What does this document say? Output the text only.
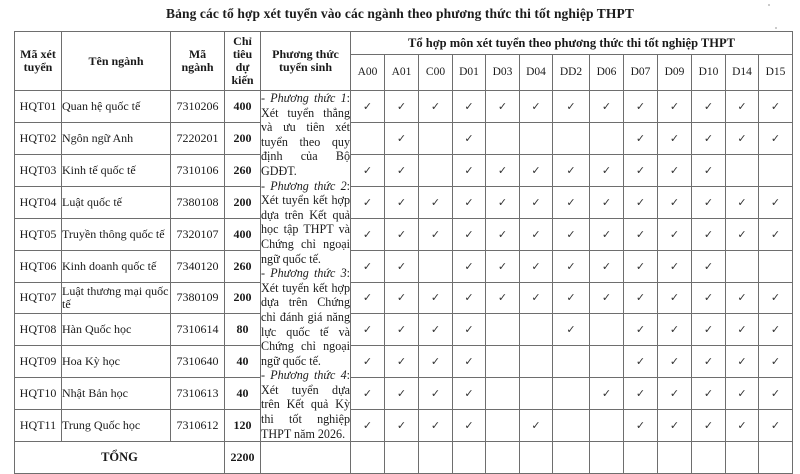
Bảng các tổ hợp xét tuyển vào các ngành theo phương thức thi tốt nghiệp THPT
Mã xét tuyển	Tên ngành	Mã ngành	Chỉ tiêu dự kiến	Phương thức tuyển sinh	Tổ hợp môn xét tuyển theo phương thức thi tốt nghiệp THPT												
					A00	A01	C00	D01	D03	D04	DD2	D06	D07	D09	D10	D14	D15
HQT01	Quan hệ quốc tế	7310206	400	- Phương thức 1: Xét tuyển thẳng và ưu tiên xét tuyển theo quy định của Bộ GDĐT.
- Phương thức 2: Xét tuyển kết hợp dựa trên Kết quả học tập THPT và Chứng chỉ ngoại ngữ quốc tế.
- Phương thức 3: Xét tuyển kết hợp dựa trên Chứng chỉ đánh giá năng lực quốc tế và Chứng chỉ ngoại ngữ quốc tế.
- Phương thức 4: Xét tuyển dựa trên Kết quả Kỳ thi tốt nghiệp THPT năm 2026.	✓	✓	✓	✓	✓	✓	✓	✓	✓	✓	✓	✓	✓
HQT02	Ngôn ngữ Anh	7220201	200			✓		✓					✓	✓	✓	✓	✓
HQT03	Kinh tế quốc tế	7310106	260		✓	✓		✓	✓	✓	✓	✓	✓	✓	✓		
HQT04	Luật quốc tế	7380108	200		✓	✓	✓	✓	✓	✓	✓	✓	✓	✓	✓	✓	✓
HQT05	Truyền thông quốc tế	7320107	400		✓	✓	✓	✓	✓	✓	✓	✓	✓	✓	✓	✓	✓
HQT06	Kinh doanh quốc tế	7340120	260		✓	✓		✓	✓	✓	✓	✓	✓	✓	✓		
HQT07	Luật thương mại quốc tế	7380109	200		✓	✓	✓	✓	✓	✓	✓	✓	✓	✓	✓	✓	✓
HQT08	Hàn Quốc học	7310614	80		✓	✓	✓	✓			✓		✓	✓	✓	✓	✓
HQT09	Hoa Kỳ học	7310640	40		✓	✓	✓	✓					✓	✓	✓	✓	✓
HQT10	Nhật Bản học	7310613	40		✓	✓	✓	✓				✓	✓	✓	✓	✓	✓
HQT11	Trung Quốc học	7310612	120		✓	✓	✓	✓		✓			✓	✓	✓	✓	✓
TỔNG			2200														
